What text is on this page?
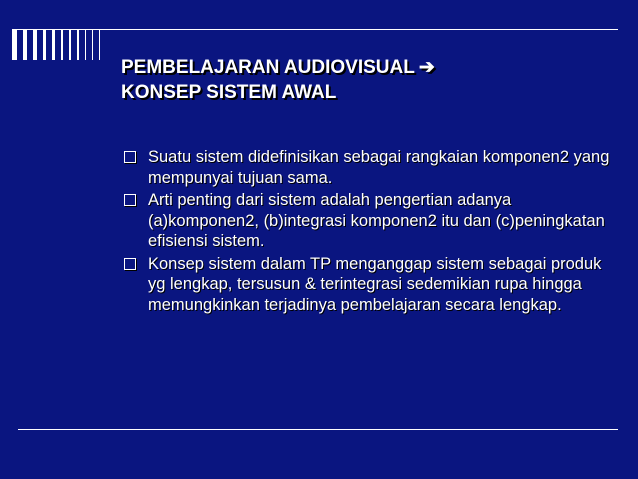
PEMBELAJARAN AUDIOVISUAL ➔
KONSEP SISTEM AWAL
Suatu sistem didefinisikan sebagai rangkaian komponen2 yang mempunyai tujuan sama.
Arti penting dari sistem adalah pengertian adanya (a)komponen2, (b)integrasi komponen2 itu dan (c)peningkatan efisiensi sistem.
Konsep sistem dalam TP menganggap sistem sebagai produk yg lengkap, tersusun & terintegrasi sedemikian rupa hingga memungkinkan terjadinya pembelajaran secara lengkap.
